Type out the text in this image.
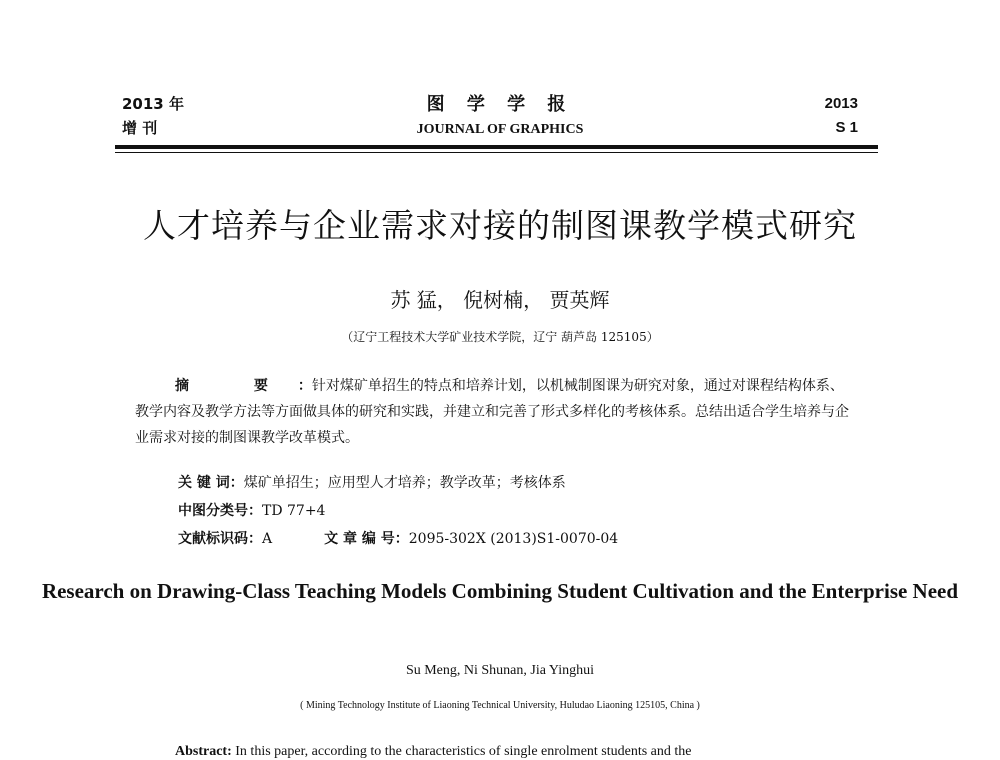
2013 年
增 刊
图 学 学 报
JOURNAL OF GRAPHICS
2013
S 1
人才培养与企业需求对接的制图课教学模式研究
苏 猛， 倪树楠， 贾英辉
（辽宁工程技术大学矿业技术学院，辽宁 葫芦岛 125105）
摘 要：针对煤矿单招生的特点和培养计划，以机械制图课为研究对象，通过对课程结构体系、教学内容及教学方法等方面做具体的研究和实践，并建立和完善了形式多样化的考核体系。总结出适合学生培养与企业需求对接的制图课教学改革模式。
关 键 词：煤矿单招生；应用型人才培养；教学改革；考核体系
中图分类号：TD 77+4
文献标识码：A	文 章 编 号：2095-302X (2013)S1-0070-04
Research on Drawing-Class Teaching Models Combining Student Cultivation and the Enterprise Need
Su Meng, Ni Shunan, Jia Yinghui
( Mining Technology Institute of Liaoning Technical University, Huludao Liaoning 125105, China )
Abstract: In this paper, according to the characteristics of single enrolment students and the
